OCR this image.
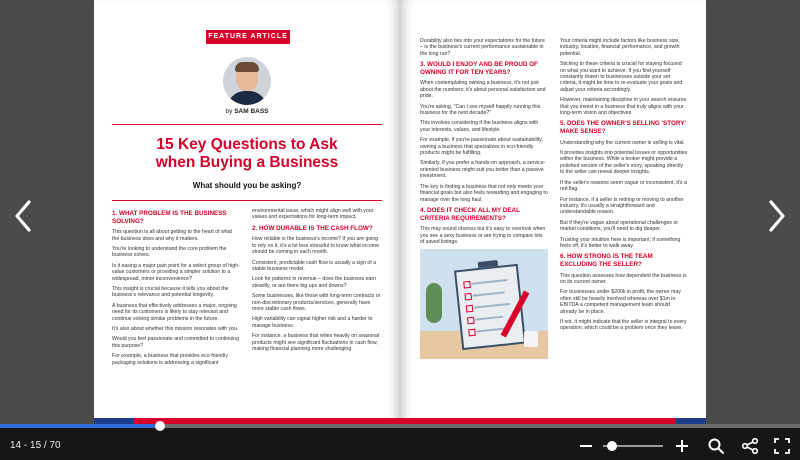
FEATURE ARTICLE
by SAM BASS
15 Key Questions to Ask
when Buying a Business
What should you be asking?
1. WHAT PROBLEM IS THE BUSINESS SOLVING?

This question is all about getting to the heart of what the business does and why it matters.

You're looking to understand the core problem the business solves.

Is it easing a major pain point for a select group of high-value customers or providing a simpler solution to a widespread, minor inconvenience?

This insight is crucial because it tells you about the business's relevance and potential longevity.

A business that effectively addresses a major, ongoing need for its customers is likely to stay relevant and continue solving similar problems in the future.

It's also about whether this mission resonates with you.

Would you feel passionate and committed to continuing this purpose?

For example, a business that provides eco-friendly packaging solutions is addressing a significant

environmental issue, which might align well with your values and expectations for long-term impact.

2. HOW DURABLE IS THE CASH FLOW?

How reliable is the business's income? If you are going to rely on it, it's a lot less stressful to know what income should be coming in each month.

Consistent, predictable cash flow is usually a sign of a stable business model.

Look for patterns in revenue – does the business earn steadily, or are there big ups and downs?

Some businesses, like those with long-term contracts or non-discretionary products/services, generally have more stable cash flows.

High variability can signal higher risk and a harder to manage business.

For instance, a business that relies heavily on seasonal products might see significant fluctuations in cash flow, making financial planning more challenging.

Durability also ties into your expectations for the future – is the business's current performance sustainable in the long run?

3. WOULD I ENJOY AND BE PROUD OF OWNING IT FOR TEN YEARS?

When contemplating owning a business, it's not just about the numbers; it's about personal satisfaction and pride.

You're asking, "Can I see myself happily running this business for the next decade?"

This involves considering if the business aligns with your interests, values, and lifestyle.

For example, if you're passionate about sustainability, owning a business that specializes in eco-friendly products might be fulfilling.

Similarly, if you prefer a hands-on approach, a service-oriented business might suit you better than a passive investment.

The key is finding a business that not only meets your financial goals but also feels rewarding and engaging to manage over the long haul.

4. DOES IT CHECK ALL MY DEAL CRITERIA REQUIREMENTS?

This may sound obvious but it's easy to overlook when you see a sexy business or are trying to compare lots of saved listings.

Your criteria might include factors like business size, industry, location, financial performance, and growth potential.

Sticking to these criteria is crucial for staying focused on what you want to achieve. If you find yourself constantly drawn to businesses outside your set criteria, it might be time to re-evaluate your goals and adjust your criteria accordingly.

However, maintaining discipline in your search ensures that you invest in a business that truly aligns with your long-term vision and objectives.

5. DOES THE OWNER'S SELLING 'STORY' MAKE SENSE?

Understanding why the current owner is selling is vital.

It provides insights into potential issues or opportunities within the business. While a broker might provide a polished version of the seller's story, speaking directly to the seller can reveal deeper insights.

If the seller's reasons seem vague or inconsistent, it's a red flag.

For instance, if a seller is retiring or moving to another industry, it's usually a straightforward and understandable reason.

But if they're vague about operational challenges or market conditions, you'll need to dig deeper.

Trusting your intuition here is important; if something feels off, it's better to walk away.

6. HOW STRONG IS THE TEAM EXCLUDING THE SELLER?

This question assesses how dependent the business is on its current owner.

For businesses under $200k in profit, the owner may often still be heavily involved whereas over $1m in EBITDA a competent management team should already be in place.

If not, it might indicate that the seller is integral to every operation, which could be a problem once they leave.

14 - 15 / 70
